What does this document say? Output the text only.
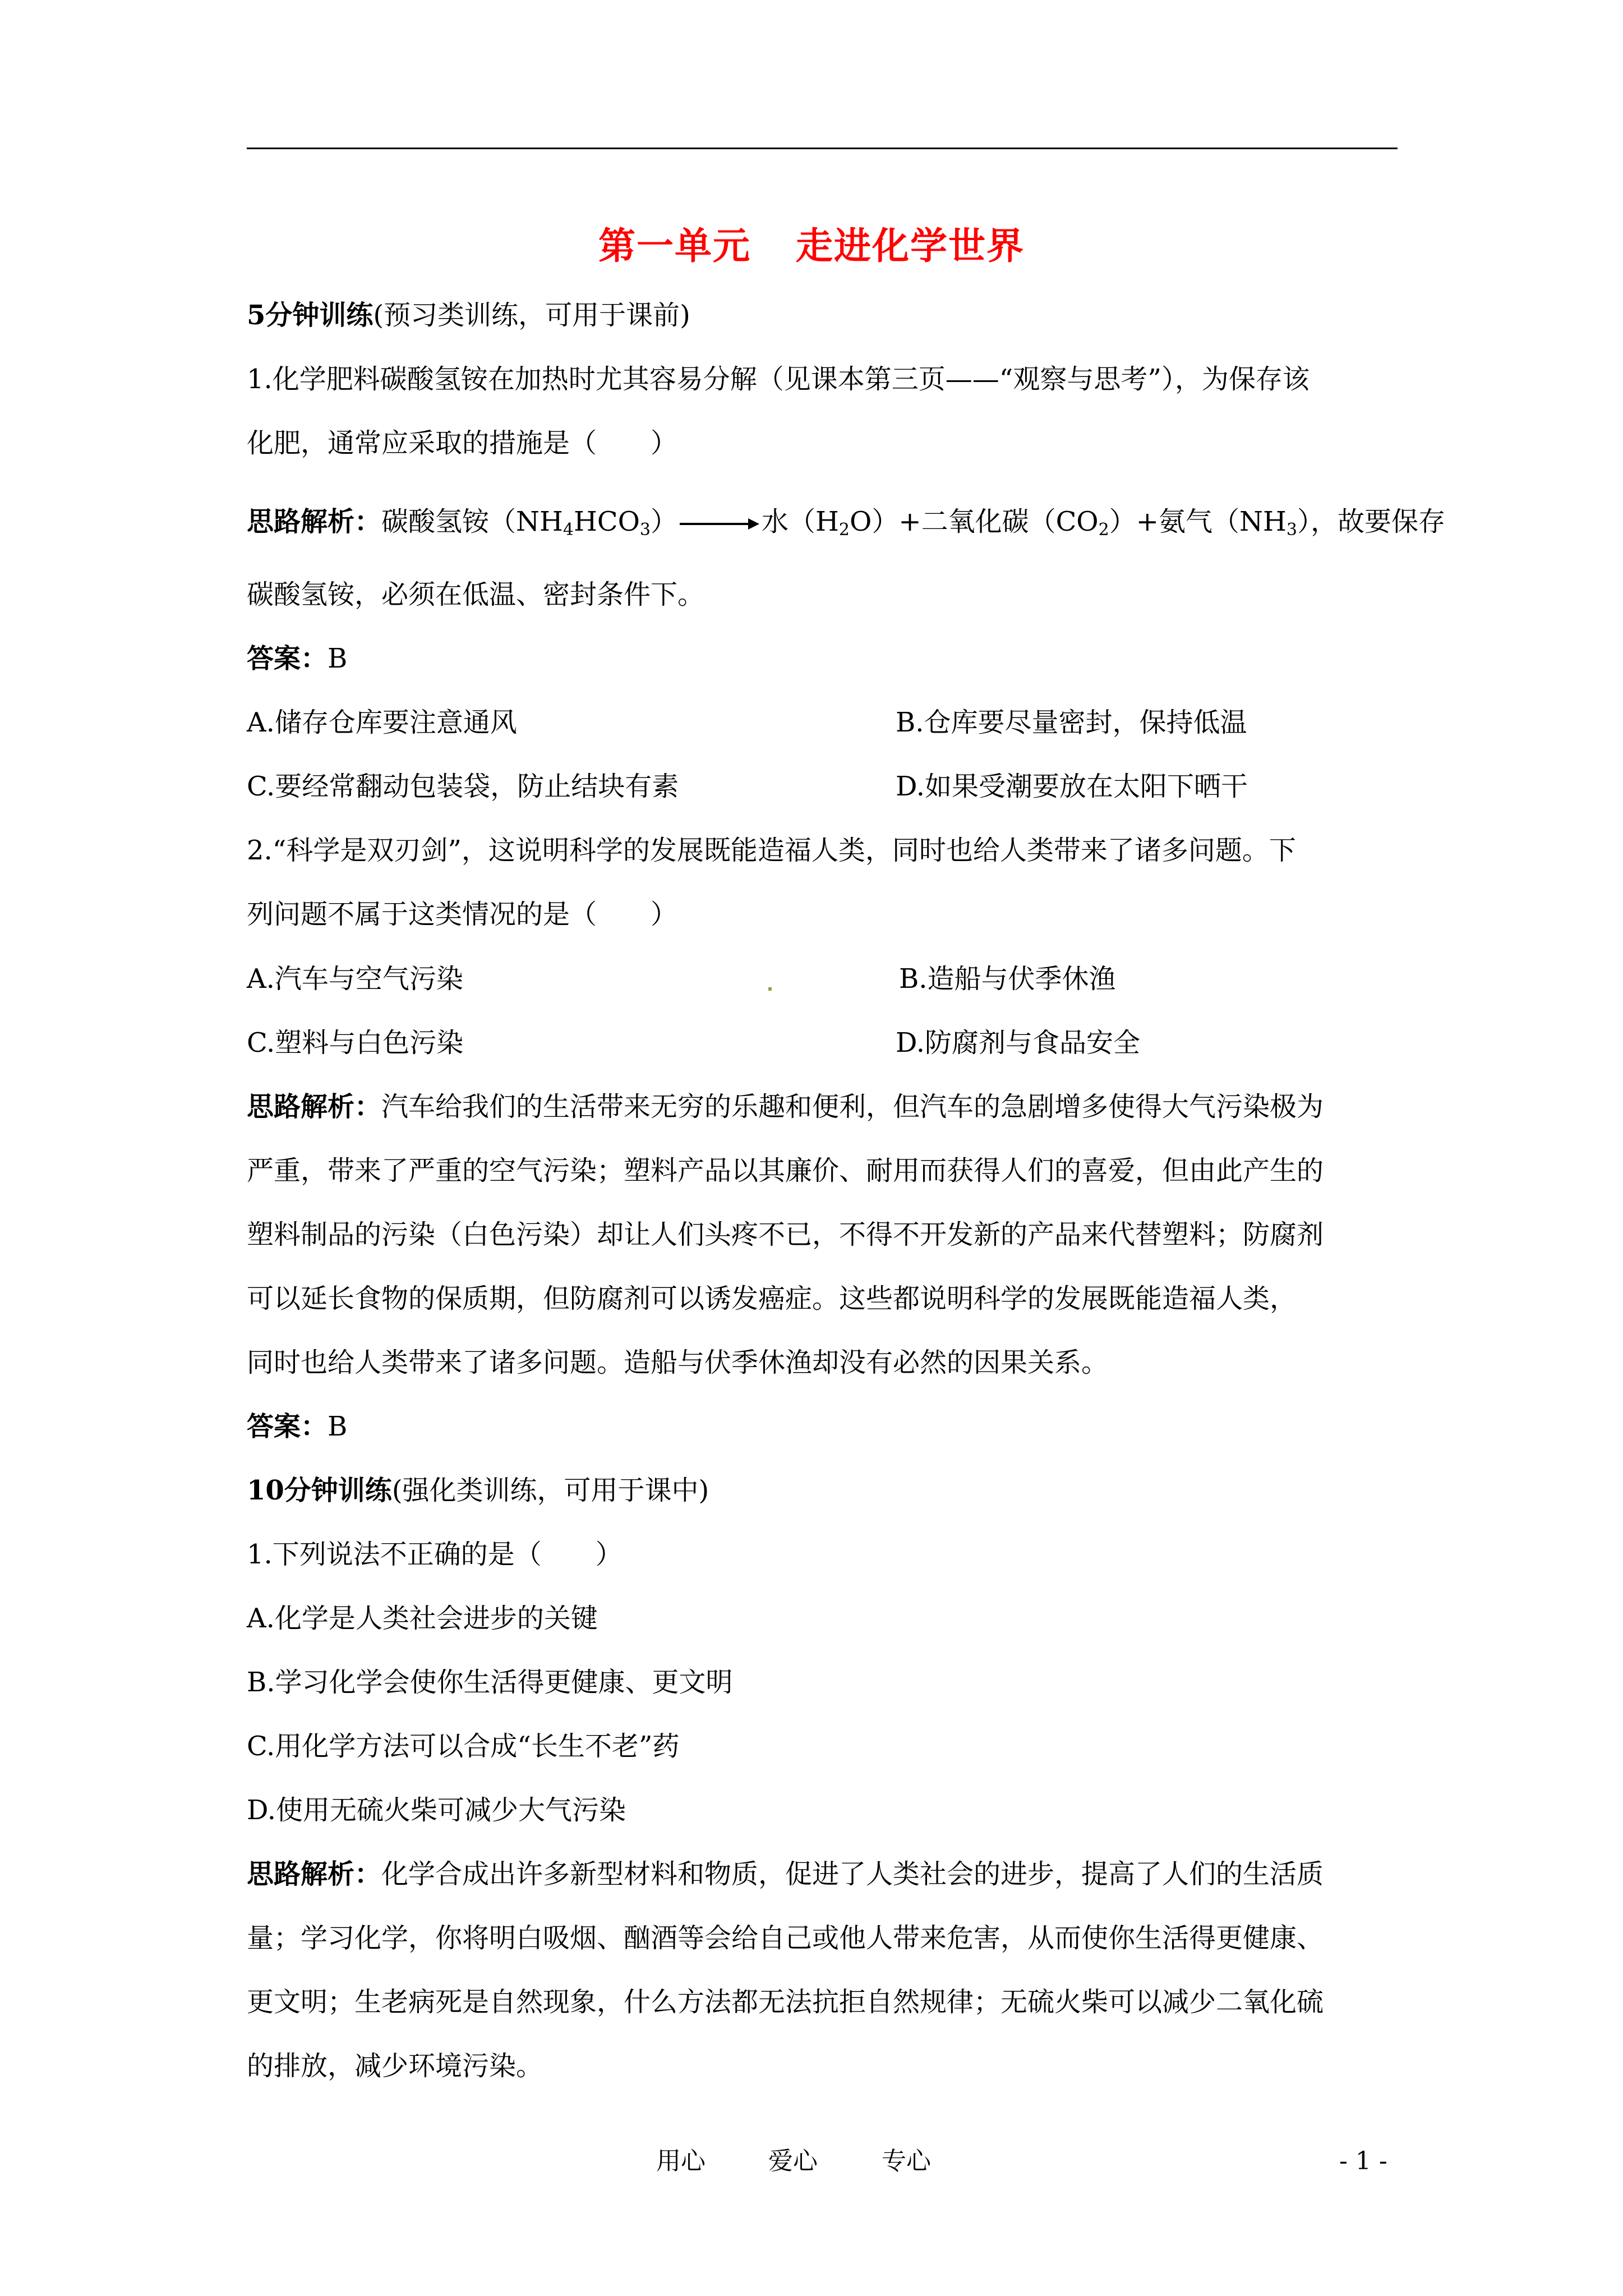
第一单元 走进化学世界
5分钟训练(预习类训练，可用于课前)
1.化学肥料碳酸氢铵在加热时尤其容易分解（见课本第三页——“观察与思考”），为保存该
化肥，通常应采取的措施是（　　）
思路解析：碳酸氢铵$(NH_4HCO_3)\to$水$(H_2O)+$二氧化碳$(CO_2)+$氨气$(NH_3)$，故要保存
碳酸氢铵，必须在低温、密封条件下。
答案：B
A.储存仓库要注意通风	B.仓库要尽量密封，保持低温
C.要经常翻动包装袋，防止结块有素	D.如果受潮要放在太阳下晒干
2.“科学是双刃剑”，这说明科学的发展既能造福人类，同时也给人类带来了诸多问题。下
列问题不属于这类情况的是（　　）
A.汽车与空气污染	B.造船与伏季休渔
C.塑料与白色污染	D.防腐剂与食品安全
思路解析：汽车给我们的生活带来无穷的乐趣和便利，但汽车的急剧增多使得大气污染极为
严重，带来了严重的空气污染；塑料产品以其廉价、耐用而获得人们的喜爱，但由此产生的
塑料制品的污染（白色污染）却让人们头疼不已，不得不开发新的产品来代替塑料；防腐剂
可以延长食物的保质期，但防腐剂可以诱发癌症。这些都说明科学的发展既能造福人类，
同时也给人类带来了诸多问题。造船与伏季休渔却没有必然的因果关系。
答案：B
10分钟训练(强化类训练，可用于课中)
1.下列说法不正确的是（　　）
A.化学是人类社会进步的关键
B.学习化学会使你生活得更健康、更文明
C.用化学方法可以合成“长生不老”药
D.使用无硫火柴可减少大气污染
思路解析：化学合成出许多新型材料和物质，促进了人类社会的进步，提高了人们的生活质
量；学习化学，你将明白吸烟、酗酒等会给自己或他人带来危害，从而使你生活得更健康、
更文明；生老病死是自然现象，什么方法都无法抗拒自然规律；无硫火柴可以减少二氧化硫
的排放，减少环境污染。
用心	爱心	专心	- 1 -
